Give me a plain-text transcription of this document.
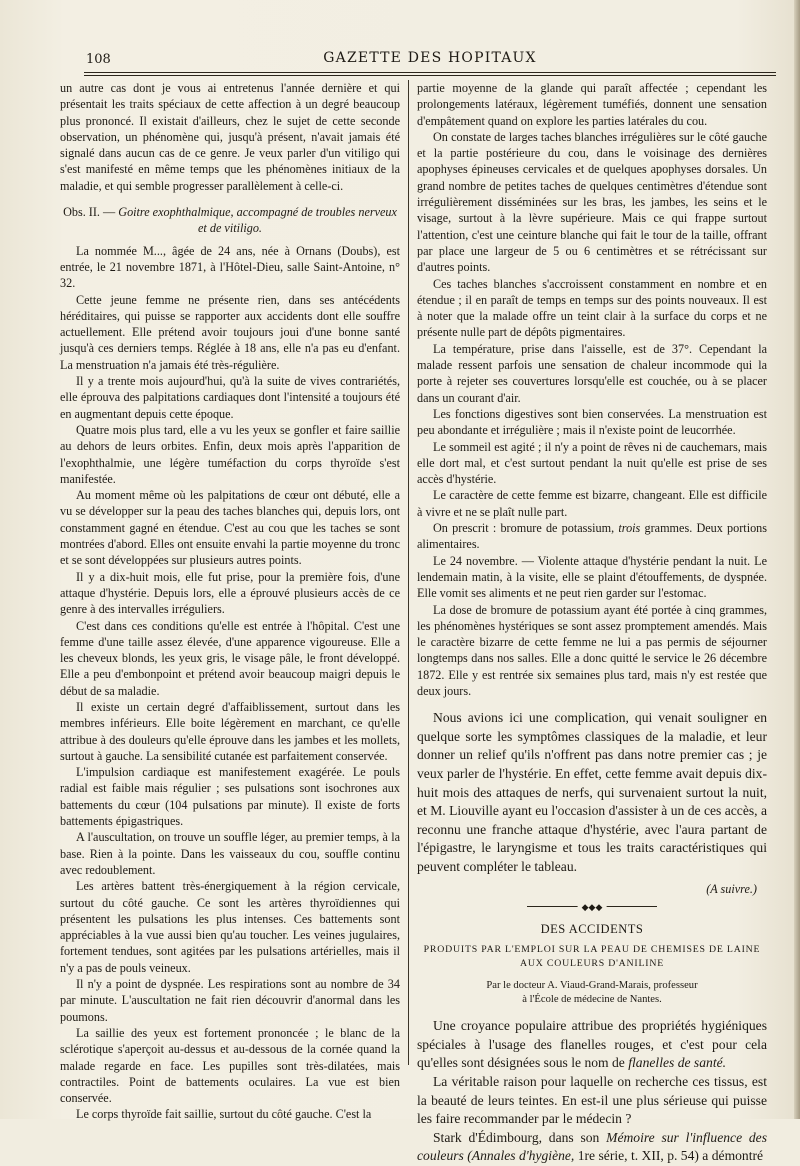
108	GAZETTE DES HOPITAUX

un autre cas dont je vous ai entretenus l'année dernière et qui présentait les traits spéciaux de cette affection à un degré beaucoup plus prononcé. Il existait d'ailleurs, chez le sujet de cette seconde observation, un phénomène qui, jusqu'à présent, n'avait jamais été signalé dans aucun cas de ce genre. Je veux parler d'un vitiligo qui s'est manifesté en même temps que les phénomènes initiaux de la maladie, et qui semble progresser parallèlement à celle-ci.

Obs. II. — Goitre exophthalmique, accompagné de troubles nerveux et de vitiligo.

La nommée M..., âgée de 24 ans, née à Ornans (Doubs), est entrée, le 21 novembre 1871, à l'Hôtel-Dieu, salle Saint-Antoine, n° 32.

Cette jeune femme ne présente rien, dans ses antécédents héréditaires, qui puisse se rapporter aux accidents dont elle souffre actuellement. Elle prétend avoir toujours joui d'une bonne santé jusqu'à ces derniers temps. Réglée à 18 ans, elle n'a pas eu d'enfant. La menstruation n'a jamais été très-régulière.

Il y a trente mois aujourd'hui, qu'à la suite de vives contrariétés, elle éprouva des palpitations cardiaques dont l'intensité a toujours été en augmentant depuis cette époque.

Quatre mois plus tard, elle a vu les yeux se gonfler et faire saillie au dehors de leurs orbites. Enfin, deux mois après l'apparition de l'exophthalmie, une légère tuméfaction du corps thyroïde s'est manifestée.

Au moment même où les palpitations de cœur ont débuté, elle a vu se développer sur la peau des taches blanches qui, depuis lors, ont constamment gagné en étendue. C'est au cou que les taches se sont montrées d'abord. Elles ont ensuite envahi la partie moyenne du tronc et se sont développées sur plusieurs autres points.

Il y a dix-huit mois, elle fut prise, pour la première fois, d'une attaque d'hystérie. Depuis lors, elle a éprouvé plusieurs accès de ce genre à des intervalles irréguliers.

C'est dans ces conditions qu'elle est entrée à l'hôpital. C'est une femme d'une taille assez élevée, d'une apparence vigoureuse. Elle a les cheveux blonds, les yeux gris, le visage pâle, le front développé. Elle a peu d'embonpoint et prétend avoir beaucoup maigri depuis le début de sa maladie.

Il existe un certain degré d'affaiblissement, surtout dans les membres inférieurs. Elle boite légèrement en marchant, ce qu'elle attribue à des douleurs qu'elle éprouve dans les jambes et les mollets, surtout à gauche. La sensibilité cutanée est parfaitement conservée.

L'impulsion cardiaque est manifestement exagérée. Le pouls radial est faible mais régulier ; ses pulsations sont isochrones aux battements du cœur (104 pulsations par minute). Il existe de forts battements épigastriques.

A l'auscultation, on trouve un souffle léger, au premier temps, à la base. Rien à la pointe. Dans les vaisseaux du cou, souffle continu avec redoublement.

Les artères battent très-énergiquement à la région cervicale, surtout du côté gauche. Ce sont les artères thyroïdiennes qui présentent les pulsations les plus intenses. Ces battements sont appréciables à la vue aussi bien qu'au toucher. Les veines jugulaires, fortement tendues, sont agitées par les pulsations artérielles, mais il n'y a pas de pouls veineux.

Il n'y a point de dyspnée. Les respirations sont au nombre de 34 par minute. L'auscultation ne fait rien découvrir d'anormal dans les poumons.

La saillie des yeux est fortement prononcée ; le blanc de la sclérotique s'aperçoit au-dessus et au-dessous de la cornée quand la malade regarde en face. Les pupilles sont très-dilatées, mais contractiles. Point de battements oculaires. La vue est bien conservée.

Le corps thyroïde fait saillie, surtout du côté gauche. C'est la

partie moyenne de la glande qui paraît affectée ; cependant les prolongements latéraux, légèrement tuméfiés, donnent une sensation d'empâtement quand on explore les parties latérales du cou.

On constate de larges taches blanches irrégulières sur le côté gauche et la partie postérieure du cou, dans le voisinage des dernières apophyses épineuses cervicales et de quelques apophyses dorsales. Un grand nombre de petites taches de quelques centimètres d'étendue sont irrégulièrement disséminées sur les bras, les jambes, les seins et le visage, surtout à la lèvre supérieure. Mais ce qui frappe surtout l'attention, c'est une ceinture blanche qui fait le tour de la taille, offrant par place une largeur de 5 ou 6 centimètres et se rétrécissant sur d'autres points.

Ces taches blanches s'accroissent constamment en nombre et en étendue ; il en paraît de temps en temps sur des points nouveaux. Il est à noter que la malade offre un teint clair à la surface du corps et ne présente nulle part de dépôts pigmentaires.

La température, prise dans l'aisselle, est de 37°. Cependant la malade ressent parfois une sensation de chaleur incommode qui la porte à rejeter ses couvertures lorsqu'elle est couchée, ou à se placer dans un courant d'air.

Les fonctions digestives sont bien conservées. La menstruation est peu abondante et irrégulière ; mais il n'existe point de leucorrhée.

Le sommeil est agité ; il n'y a point de rêves ni de cauchemars, mais elle dort mal, et c'est surtout pendant la nuit qu'elle est prise de ses accès d'hystérie.

Le caractère de cette femme est bizarre, changeant. Elle est difficile à vivre et ne se plaît nulle part.

On prescrit : bromure de potassium, trois grammes. Deux portions alimentaires.

Le 24 novembre. — Violente attaque d'hystérie pendant la nuit. Le lendemain matin, à la visite, elle se plaint d'étouffements, de dyspnée. Elle vomit ses aliments et ne peut rien garder sur l'estomac.

La dose de bromure de potassium ayant été portée à cinq grammes, les phénomènes hystériques se sont assez promptement amendés. Mais le caractère bizarre de cette femme ne lui a pas permis de séjourner longtemps dans nos salles. Elle a donc quitté le service le 26 décembre 1872. Elle y est rentrée six semaines plus tard, mais n'y est restée que deux jours.

Nous avions ici une complication, qui venait souligner en quelque sorte les symptômes classiques de la maladie, et leur donner un relief qu'ils n'offrent pas dans notre premier cas ; je veux parler de l'hystérie. En effet, cette femme avait depuis dix-huit mois des attaques de nerfs, qui survenaient surtout la nuit, et M. Liouville ayant eu l'occasion d'assister à un de ces accès, a reconnu une franche attaque d'hystérie, avec l'aura partant de l'épigastre, le laryngisme et tous les traits caractéristiques qui peuvent compléter le tableau.

(A suivre.)

◆◆◆
DES ACCIDENTS
PRODUITS PAR L'EMPLOI SUR LA PEAU DE CHEMISES DE LAINE
AUX COULEURS D'ANILINE
Par le docteur A. Viaud-Grand-Marais, professeur
à l'École de médecine de Nantes.

Une croyance populaire attribue des propriétés hygiéniques spéciales à l'usage des flanelles rouges, et c'est pour cela qu'elles sont désignées sous le nom de flanelles de santé.

La véritable raison pour laquelle on recherche ces tissus, est la beauté de leurs teintes. En est-il une plus sérieuse qui puisse les faire recommander par le médecin ?

Stark d'Édimbourg, dans son Mémoire sur l'influence des couleurs (Annales d'hygiène, 1re série, t. XII, p. 54) a démontré
